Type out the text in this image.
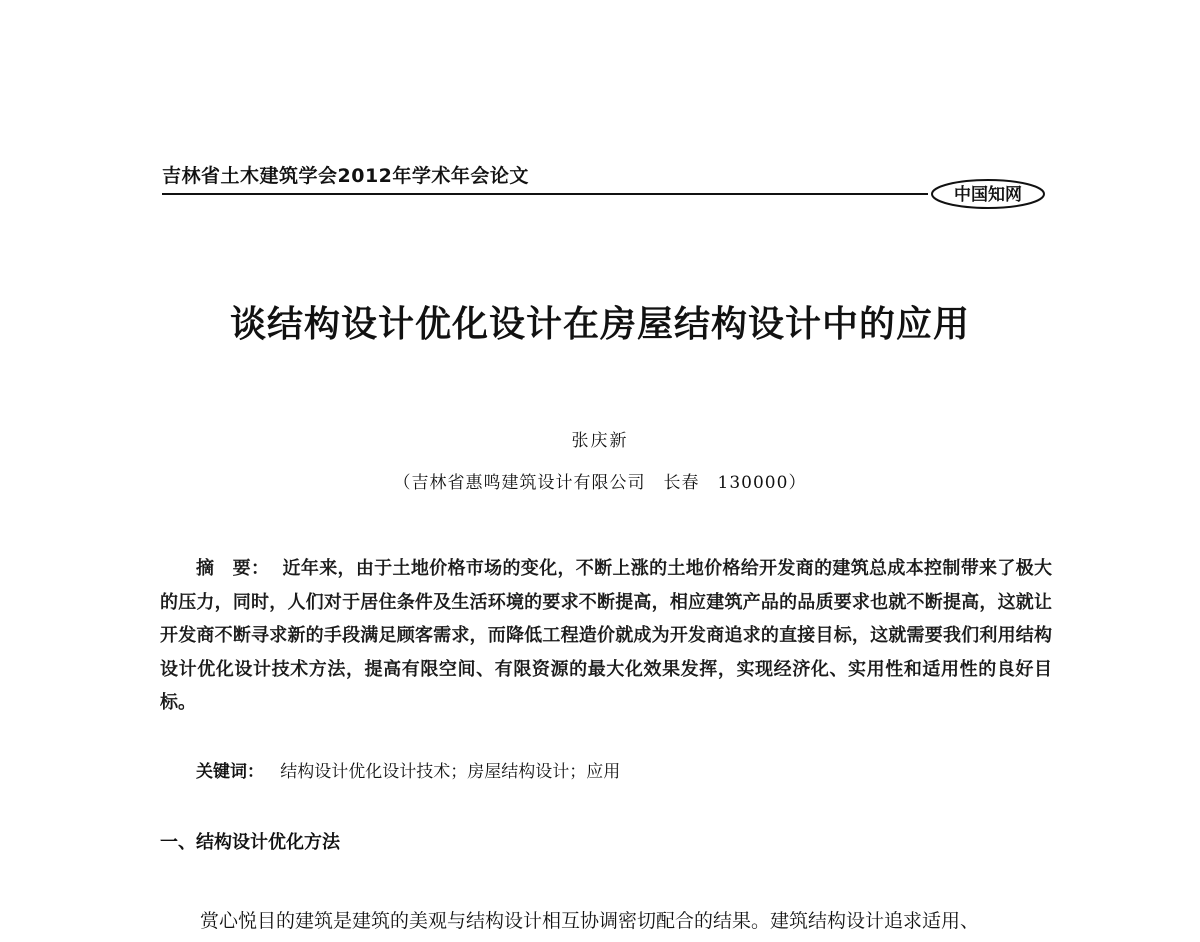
吉林省土木建筑学会2012年学术年会论文
中国知网
谈结构设计优化设计在房屋结构设计中的应用
张庆新
（吉林省惠鸣建筑设计有限公司　长春　130000）

摘　要： 近年来，由于土地价格市场的变化，不断上涨的土地价格给开发商的建筑总成本控制带来了极大的压力，同时，人们对于居住条件及生活环境的要求不断提高，相应建筑产品的品质要求也就不断提高，这就让开发商不断寻求新的手段满足顾客需求，而降低工程造价就成为开发商追求的直接目标，这就需要我们利用结构设计优化设计技术方法，提高有限空间、有限资源的最大化效果发挥，实现经济化、实用性和适用性的良好目标。

关键词： 结构设计优化设计技术；房屋结构设计；应用
一、结构设计优化方法

赏心悦目的建筑是建筑的美观与结构设计相互协调密切配合的结果。建筑结构设计追求适用、
